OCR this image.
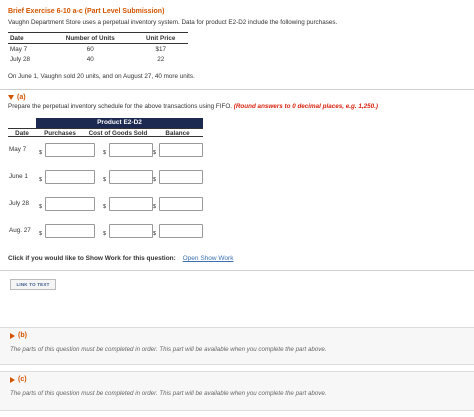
Brief Exercise 6-10 a-c (Part Level Submission)
Vaughn Department Store uses a perpetual inventory system. Data for product E2-D2 include the following purchases.
Date	Number of Units	Unit Price
May 7	60	$17
July 28	40	22
On June 1, Vaughn sold 20 units, and on August 27, 40 more units.
(a)
Prepare the perpetual inventory schedule for the above transactions using FIFO. (Round answers to 0 decimal places, e.g. 1,250.)
Product E2-D2
Date	Purchases	Cost of Goods Sold	Balance
May 7 $	$	$
June 1 $	$	$
July 28 $	$	$
Aug. 27 $	$	$
Click if you would like to Show Work for this question: Open Show Work
LINK TO TEXT
(b)
The parts of this question must be completed in order. This part will be available when you complete the part above.
(c)
The parts of this question must be completed in order. This part will be available when you complete the part above.
